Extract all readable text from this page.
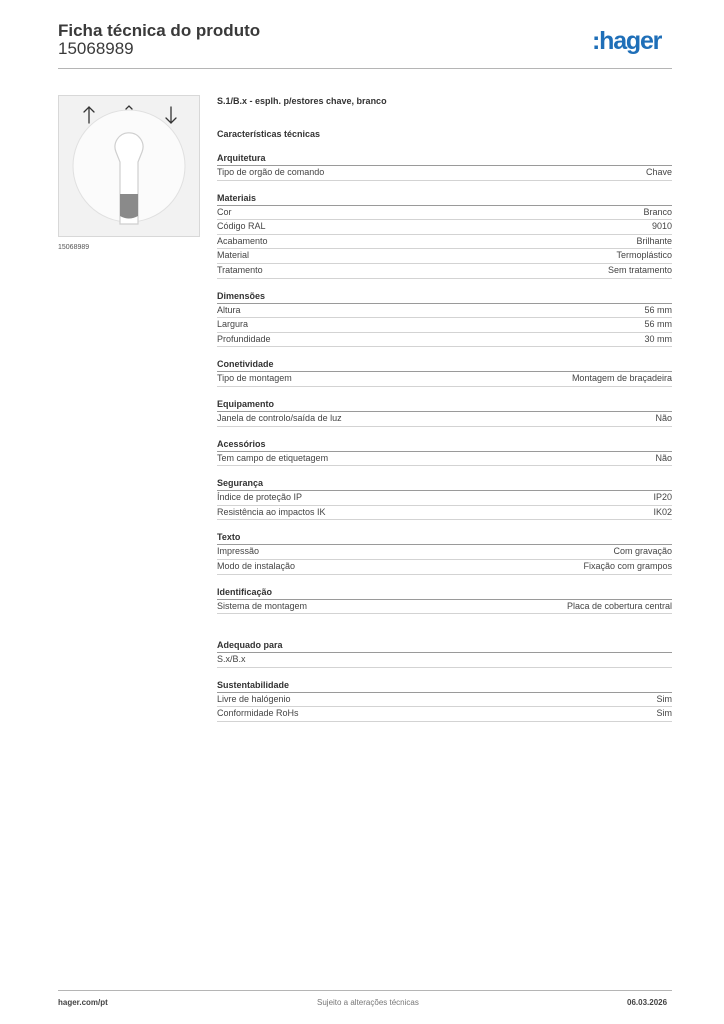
Ficha técnica do produto
15068989	:hager
15068989
S.1/B.x - esplh. p/estores chave, branco
Características técnicas
Arquitetura
Tipo de orgão de comando	Chave
Materiais
Cor	Branco
Código RAL	9010
Acabamento	Brilhante
Material	Termoplástico
Tratamento	Sem tratamento
Dimensões
Altura	56 mm
Largura	56 mm
Profundidade	30 mm
Conetividade
Tipo de montagem	Montagem de braçadeira
Equipamento
Janela de controlo/saída de luz	Não
Acessórios
Tem campo de etiquetagem	Não
Segurança
Índice de proteção IP	IP20
Resistência ao impactos IK	IK02
Texto
Impressão	Com gravação
Modo de instalação	Fixação com grampos
Identificação
Sistema de montagem	Placa de cobertura central
Adequado para
S.x/B.x
Sustentabilidade
Livre de halógenio	Sim
Conformidade RoHs	Sim
hager.com/pt	Sujeito a alterações técnicas	06.03.2026
